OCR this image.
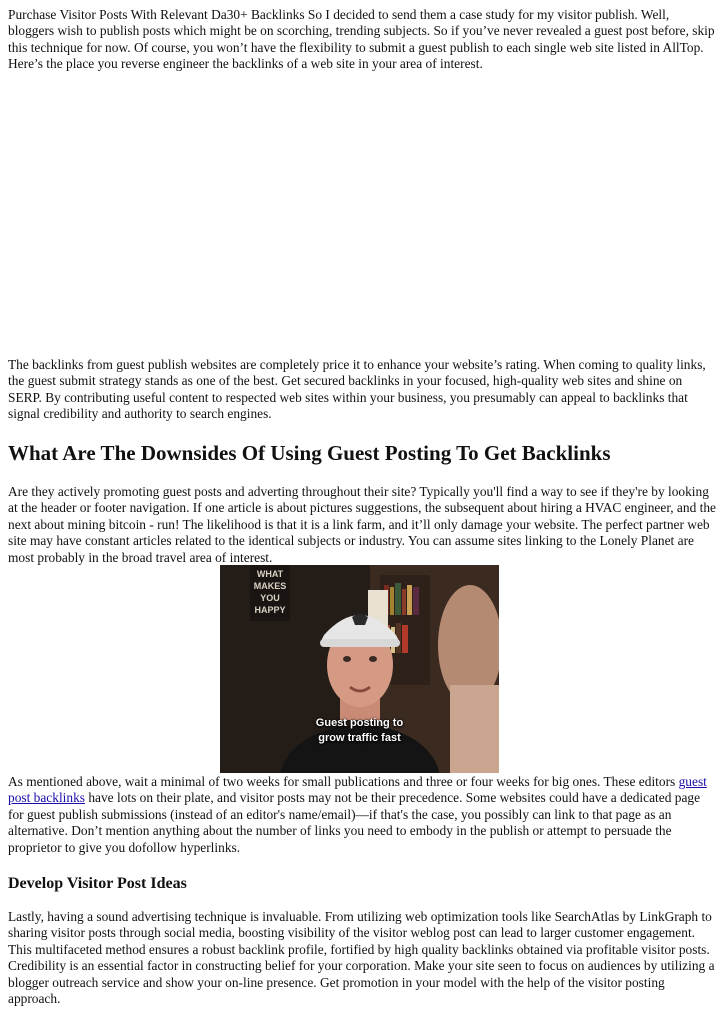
Purchase Visitor Posts With Relevant Da30+ Backlinks So I decided to send them a case study for my visitor publish. Well, bloggers wish to publish posts which might be on scorching, trending subjects. So if you’ve never revealed a guest post before, skip this technique for now. Of course, you won’t have the flexibility to submit a guest publish to each single web site listed in AllTop. Here’s the place you reverse engineer the backlinks of a web site in your area of interest.

The backlinks from guest publish websites are completely price it to enhance your website’s rating. When coming to quality links, the guest submit strategy stands as one of the best. Get secured backlinks in your focused, high-quality web sites and shine on SERP. By contributing useful content to respected web sites within your business, you presumably can appeal to backlinks that signal credibility and authority to search engines.

What Are The Downsides Of Using Guest Posting To Get Backlinks

Are they actively promoting guest posts and adverting throughout their site? Typically you'll find a way to see if they're by looking at the header or footer navigation. If one article is about pictures suggestions, the subsequent about hiring a HVAC engineer, and the next about mining bitcoin - run! The likelihood is that it is a link farm, and it’ll only damage your website. The perfect partner web site may have constant articles related to the identical subjects or industry. You can assume sites linking to the Lonely Planet are most probably in the broad travel area of interest.

WHAT
MAKES
YOU
HAPPY
Guest posting to
grow traffic fast

As mentioned above, wait a minimal of two weeks for small publications and three or four weeks for big ones. These editors guest post backlinks have lots on their plate, and visitor posts may not be their precedence. Some websites could have a dedicated page for guest publish submissions (instead of an editor's name/email)—if that's the case, you possibly can link to that page as an alternative. Don’t mention anything about the number of links you need to embody in the publish or attempt to persuade the proprietor to give you dofollow hyperlinks.

Develop Visitor Post Ideas

Lastly, having a sound advertising technique is invaluable. From utilizing web optimization tools like SearchAtlas by LinkGraph to sharing visitor posts through social media, boosting visibility of the visitor weblog post can lead to larger customer engagement. This multifaceted method ensures a robust backlink profile, fortified by high quality backlinks obtained via profitable visitor posts. Credibility is an essential factor in constructing belief for your corporation. Make your site seen to focus on audiences by utilizing a blogger outreach service and show your on-line presence. Get promotion in your model with the help of the visitor posting approach.
